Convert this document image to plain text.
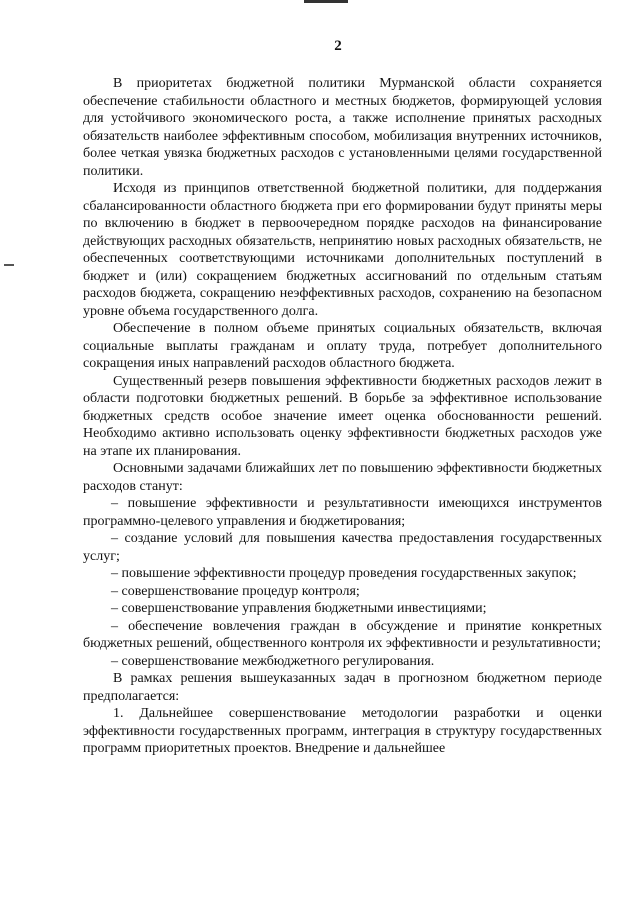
2

В приоритетах бюджетной политики Мурманской области сохраняется обеспечение стабильности областного и местных бюджетов, формирующей условия для устойчивого экономического роста, а также исполнение принятых расходных обязательств наиболее эффективным способом, мобилизация внутренних источников, более четкая увязка бюджетных расходов с установленными целями государственной политики.

Исходя из принципов ответственной бюджетной политики, для поддержания сбалансированности областного бюджета при его формировании будут приняты меры по включению в бюджет в первоочередном порядке расходов на финансирование действующих расходных обязательств, непринятию новых расходных обязательств, не обеспеченных соответствующими источниками дополнительных поступлений в бюджет и (или) сокращением бюджетных ассигнований по отдельным статьям расходов бюджета, сокращению неэффективных расходов, сохранению на безопасном уровне объема государственного долга.

Обеспечение в полном объеме принятых социальных обязательств, включая социальные выплаты гражданам и оплату труда, потребует дополнительного сокращения иных направлений расходов областного бюджета.

Существенный резерв повышения эффективности бюджетных расходов лежит в области подготовки бюджетных решений. В борьбе за эффективное использование бюджетных средств особое значение имеет оценка обоснованности решений. Необходимо активно использовать оценку эффективности бюджетных расходов уже на этапе их планирования.

Основными задачами ближайших лет по повышению эффективности бюджетных расходов станут:

– повышение эффективности и результативности имеющихся инструментов программно-целевого управления и бюджетирования;

– создание условий для повышения качества предоставления государственных услуг;

– повышение эффективности процедур проведения государственных закупок;

– совершенствование процедур контроля;

– совершенствование управления бюджетными инвестициями;

– обеспечение вовлечения граждан в обсуждение и принятие конкретных бюджетных решений, общественного контроля их эффективности и результативности;

– совершенствование межбюджетного регулирования.

В рамках решения вышеуказанных задач в прогнозном бюджетном периоде предполагается:

1. Дальнейшее совершенствование методологии разработки и оценки эффективности государственных программ, интеграция в структуру государственных программ приоритетных проектов. Внедрение и дальнейшее
